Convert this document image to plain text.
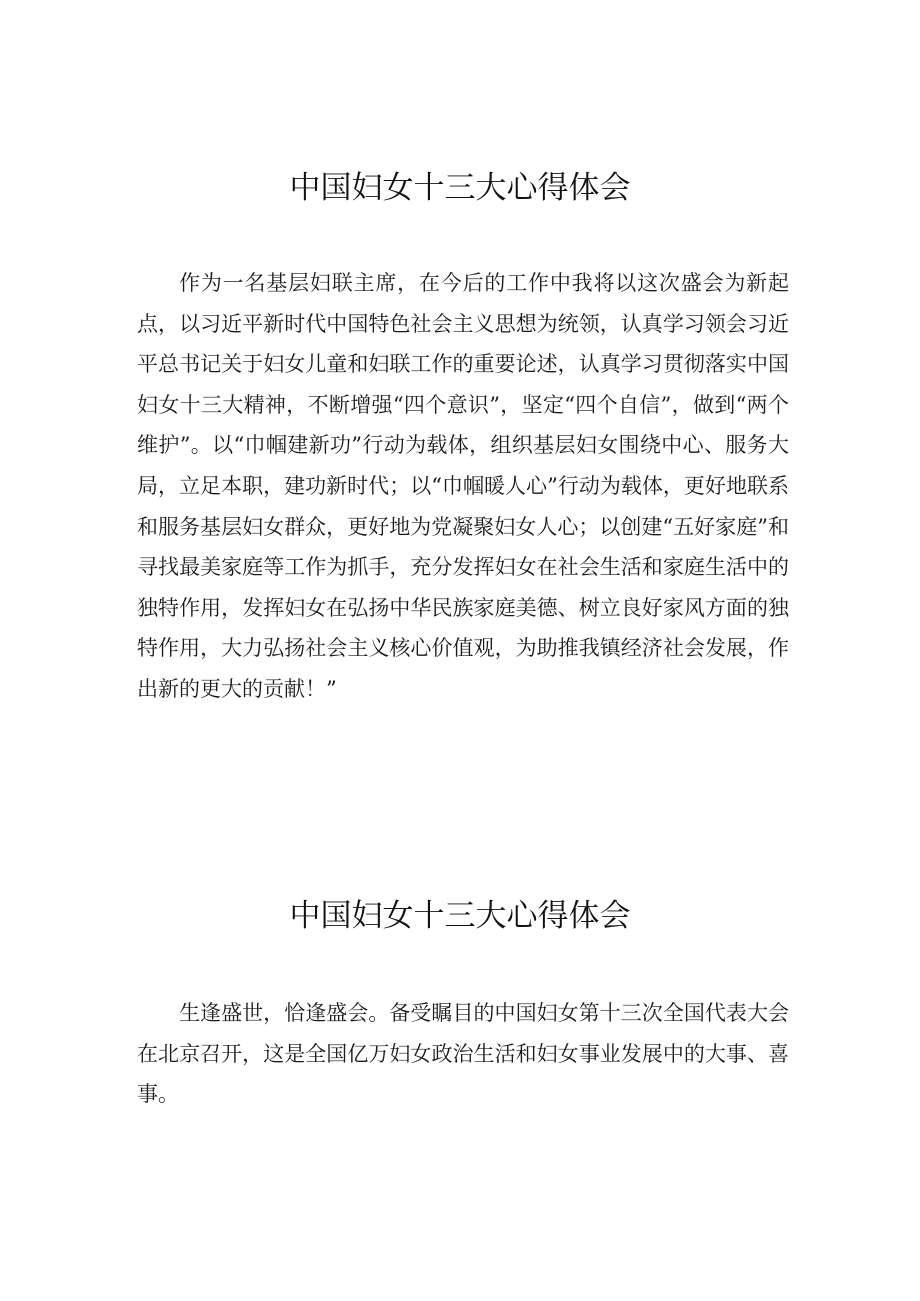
中国妇女十三大心得体会

作为一名基层妇联主席，在今后的工作中我将以这次盛会为新起点，以习近平新时代中国特色社会主义思想为统领，认真学习领会习近平总书记关于妇女儿童和妇联工作的重要论述，认真学习贯彻落实中国妇女十三大精神，不断增强“四个意识”，坚定“四个自信”，做到“两个维护”。以“巾帼建新功”行动为载体，组织基层妇女围绕中心、服务大局，立足本职，建功新时代；以“巾帼暖人心”行动为载体，更好地联系和服务基层妇女群众，更好地为党凝聚妇女人心；以创建“五好家庭”和寻找最美家庭等工作为抓手，充分发挥妇女在社会生活和家庭生活中的独特作用，发挥妇女在弘扬中华民族家庭美德、树立良好家风方面的独特作用，大力弘扬社会主义核心价值观，为助推我镇经济社会发展，作出新的更大的贡献！”

中国妇女十三大心得体会

生逢盛世，恰逢盛会。备受瞩目的中国妇女第十三次全国代表大会在北京召开，这是全国亿万妇女政治生活和妇女事业发展中的大事、喜事。
